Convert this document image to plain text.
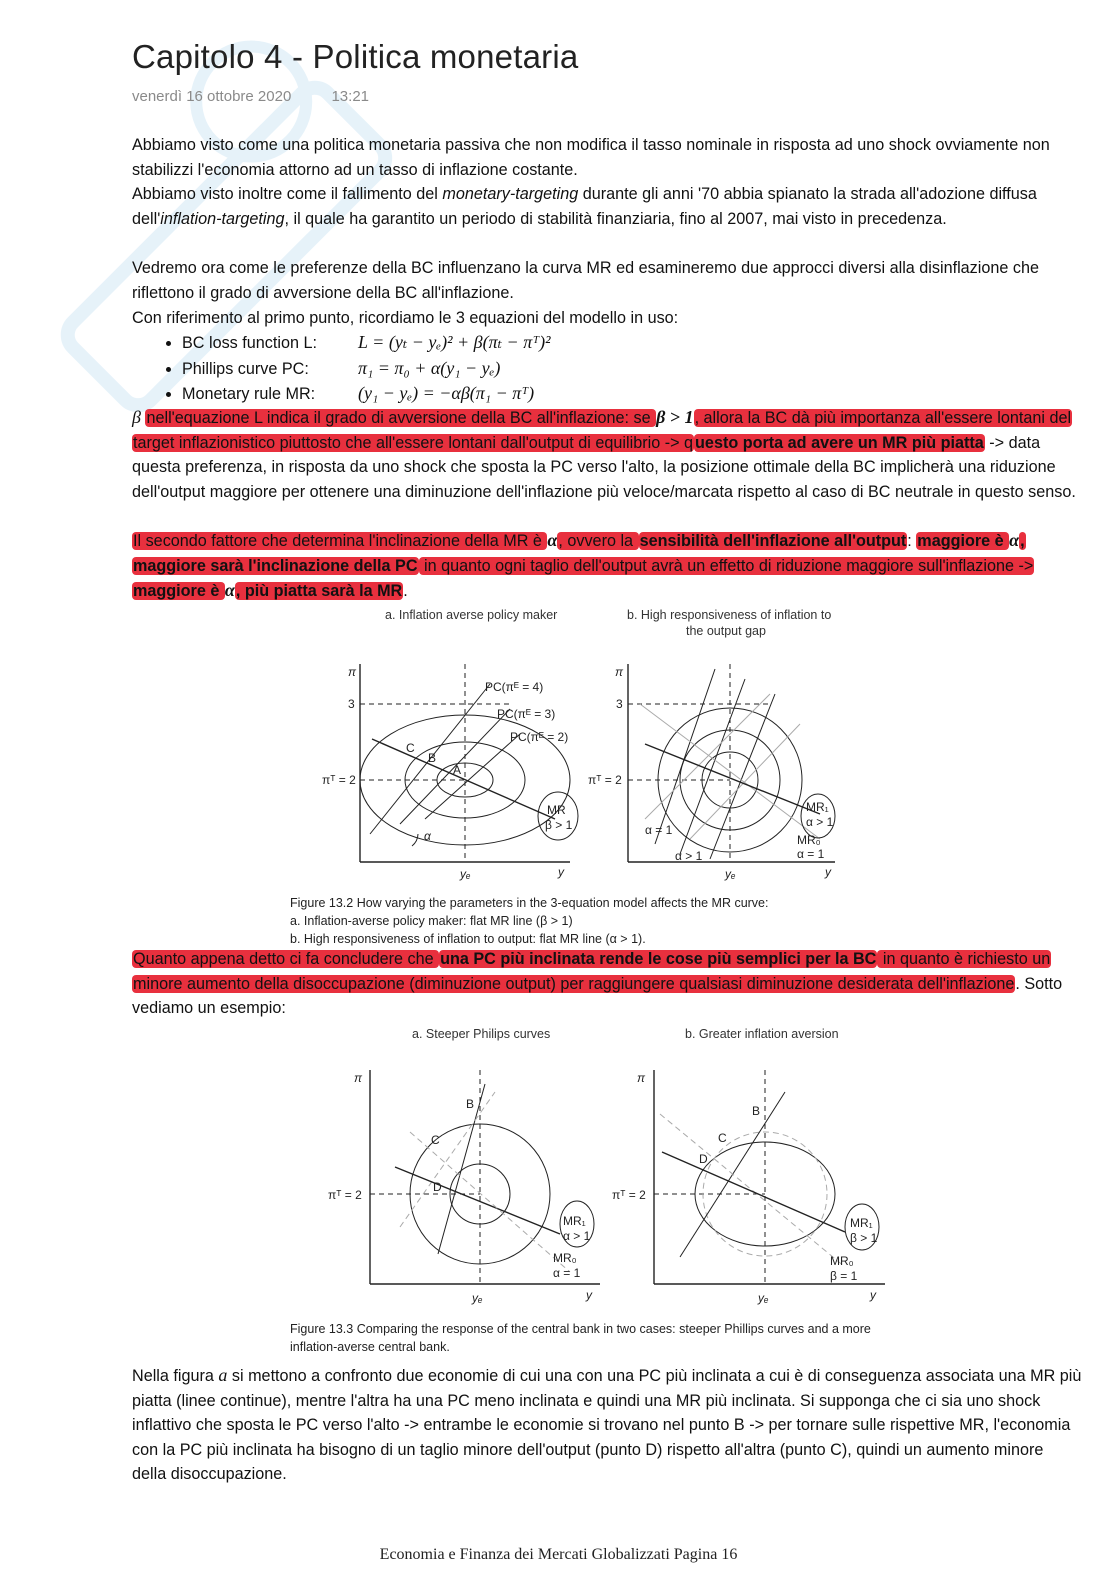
Capitolo 4 - Politica monetaria
venerdì 16 ottobre 2020	13:21

Abbiamo visto come una politica monetaria passiva che non modifica il tasso nominale in risposta ad uno shock ovviamente non stabilizzi l'economia attorno ad un tasso di inflazione costante.

Abbiamo visto inoltre come il fallimento del monetary-targeting durante gli anni '70 abbia spianato la strada all'adozione diffusa dell'inflation-targeting, il quale ha garantito un periodo di stabilità finanziaria, fino al 2007, mai visto in precedenza.

Vedremo ora come le preferenze della BC influenzano la curva MR ed esamineremo due approcci diversi alla disinflazione che riflettono il grado di avversione della BC all'inflazione.

Con riferimento al primo punto, ricordiamo le 3 equazioni del modello in uso:

• BC loss function L: L = (yₜ − yₑ)² + β(πₜ − πᵀ)²
• Phillips curve PC:	π₁ = π₀ + α(y₁ − yₑ)
• Monetary rule MR: (y₁ − yₑ) = −αβ(π₁ − πᵀ)

β nell'equazione L indica il grado di avversione della BC all'inflazione: se β > 1, allora la BC dà più importanza all'essere lontani del target inflazionistico piuttosto che all'essere lontani dall'output di equilibrio -> q uesto porta ad avere un MR più piatta -> data questa preferenza, in risposta da uno shock che sposta la PC verso l'alto, la posizione ottimale della BC implicherà una riduzione dell'output maggiore per ottenere una diminuzione dell'inflazione più veloce/marcata rispetto al caso di BC neutrale in questo senso.

Il secondo fattore che determina l'inclinazione della MR è α, ovvero la sensibilità dell'inflazione all'output: maggiore è α, maggiore sarà l'inclinazione della PC in quanto ogni taglio dell'output avrà un effetto di riduzione maggiore sull'inflazione -> maggiore è α, più piatta sarà la MR.

a. Inflation averse policy maker	b. High responsiveness of inflation to
the output gap
π
3
πᵀ = 2
yₑ	y
PC(πᴱ = 4)
PC(πᴱ = 3)
PC(πᴱ = 2)
C
B
A
MR
β > 1
α
π
3
πᵀ = 2
yₑ	y
MR₁
α > 1
MR₀
α = 1
α = 1
α > 1
Figure 13.2 How varying the parameters in the 3-equation model affects the MR curve:
a. Inflation-averse policy maker: flat MR line (β > 1)
b. High responsiveness of inflation to output: flat MR line (α > 1).

Quanto appena detto ci fa concludere che una PC più inclinata rende le cose più semplici per la BC in quanto è richiesto un minore aumento della disoccupazione (diminuzione output) per raggiungere qualsiasi diminuzione desiderata dell'inflazione. Sotto vediamo un esempio:

a. Steeper Philips curves	b. Greater inflation aversion
π
πᵀ = 2
yₑ	y
B
C
D
MR₁
α > 1
MR₀
α = 1
π
πᵀ = 2
yₑ	y
B
C
D
MR₁
β > 1
MR₀
β = 1
Figure 13.3 Comparing the response of the central bank in two cases: steeper Phillips curves and a more
inflation-averse central bank.

Nella figura a si mettono a confronto due economie di cui una con una PC più inclinata a cui è di conseguenza associata una MR più piatta (linee continue), mentre l'altra ha una PC meno inclinata e quindi una MR più inclinata. Si supponga che ci sia uno shock inflattivo che sposta le PC verso l'alto -> entrambe le economie si trovano nel punto B -> per tornare sulle rispettive MR, l'economia con la PC più inclinata ha bisogno di un taglio minore dell'output (punto D) rispetto all'altra (punto C), quindi un aumento minore della disoccupazione.

Economia e Finanza dei Mercati Globalizzati Pagina 16
